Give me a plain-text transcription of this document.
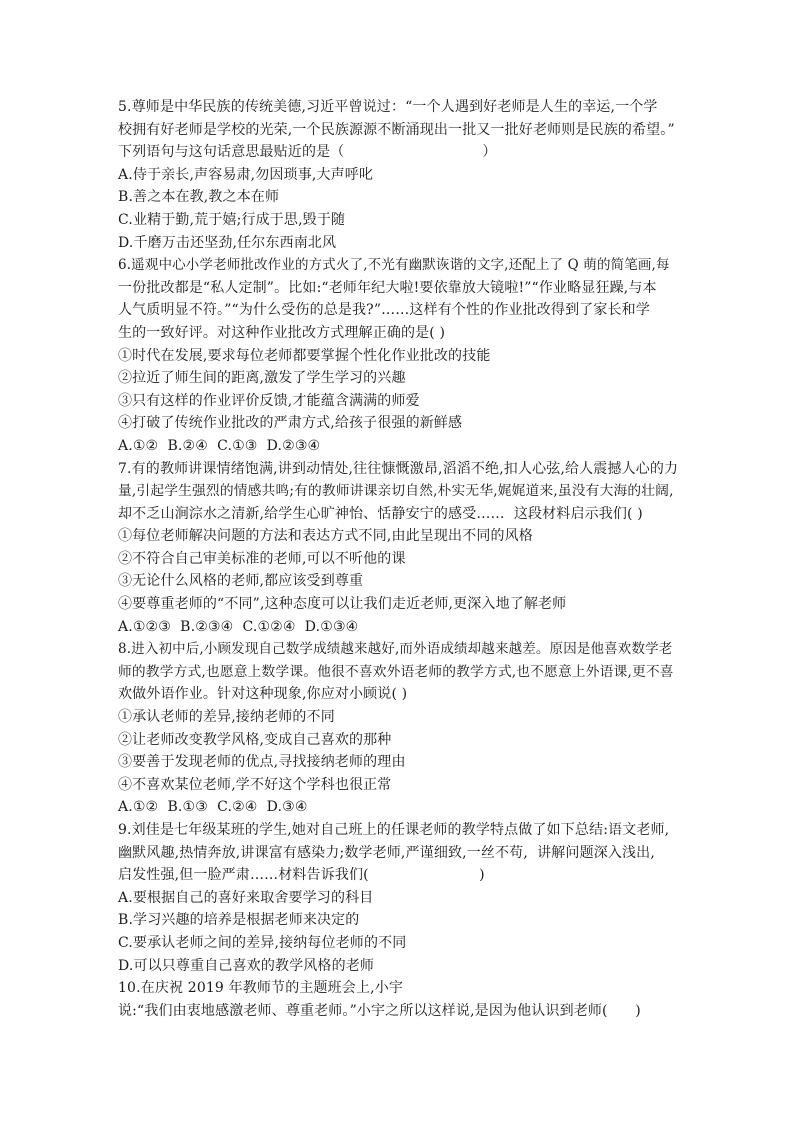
5.尊师是中华民族的传统美德,习近平曾说过：“一个人遇到好老师是人生的幸运,一个学
校拥有好老师是学校的光荣,一个民族源源不断涌现出一批又一批好老师则是民族的希望。”
下列语句与这句话意思最贴近的是（                              ）
A.侍于亲长,声容易肃,勿因琐事,大声呼叱
B.善之本在教,教之本在师
C.业精于勤,荒于嬉;行成于思,毁于随
D.千磨万击还坚劲,任尔东西南北风
6.遥观中心小学老师批改作业的方式火了,不光有幽默诙谐的文字,还配上了 Q 萌的简笔画,每
一份批改都是“私人定制”。比如:“老师年纪大啦!要依靠放大镜啦!”“作业略显狂躁,与本
人气质明显不符。”“为什么受伤的总是我?”……这样有个性的作业批改得到了家长和学
生的一致好评。对这种作业批改方式理解正确的是( )
①时代在发展,要求每位老师都要掌握个性化作业批改的技能
②拉近了师生间的距离,激发了学生学习的兴趣
③只有这样的作业评价反馈,才能蕴含满满的师爱
④打破了传统作业批改的严肃方式,给孩子很强的新鲜感
A.①②  B.②④  C.①③  D.②③④
7.有的教师讲课情绪饱满,讲到动情处,往往慷慨激昂,滔滔不绝,扣人心弦,给人震撼人心的力
量,引起学生强烈的情感共鸣;有的教师讲课亲切自然,朴实无华,娓娓道来,虽没有大海的壮阔,
却不乏山涧淙水之清新,给学生心旷神怡、恬静安宁的感受……  这段材料启示我们( )
①每位老师解决问题的方法和表达方式不同,由此呈现出不同的风格
②不符合自己审美标准的老师,可以不听他的课
③无论什么风格的老师,都应该受到尊重
④要尊重老师的“不同”,这种态度可以让我们走近老师,更深入地了解老师
A.①②③  B.②③④  C.①②④  D.①③④
8.进入初中后,小顾发现自己数学成绩越来越好,而外语成绩却越来越差。原因是他喜欢数学老
师的教学方式,也愿意上数学课。他很不喜欢外语老师的教学方式,也不愿意上外语课,更不喜
欢做外语作业。针对这种现象,你应对小顾说( )
①承认老师的差异,接纳老师的不同
②让老师改变教学风格,变成自己喜欢的那种
③要善于发现老师的优点,寻找接纳老师的理由
④不喜欢某位老师,学不好这个学科也很正常
A.①②  B.①③  C.②④  D.③④
9.刘佳是七年级某班的学生,她对自己班上的任课老师的教学特点做了如下总结:语文老师,
幽默风趣,热情奔放,讲课富有感染力;数学老师,严谨细致,一丝不苟,  讲解问题深入浅出,
启发性强,但一脸严肃……材料告诉我们(                        )
A.要根据自己的喜好来取舍要学习的科目
B.学习兴趣的培养是根据老师来决定的
C.要承认老师之间的差异,接纳每位老师的不同
D.可以只尊重自己喜欢的教学风格的老师
10.在庆祝 2019 年教师节的主题班会上,小宇
说:“我们由衷地感激老师、尊重老师。”小宇之所以这样说,是因为他认识到老师(      )
